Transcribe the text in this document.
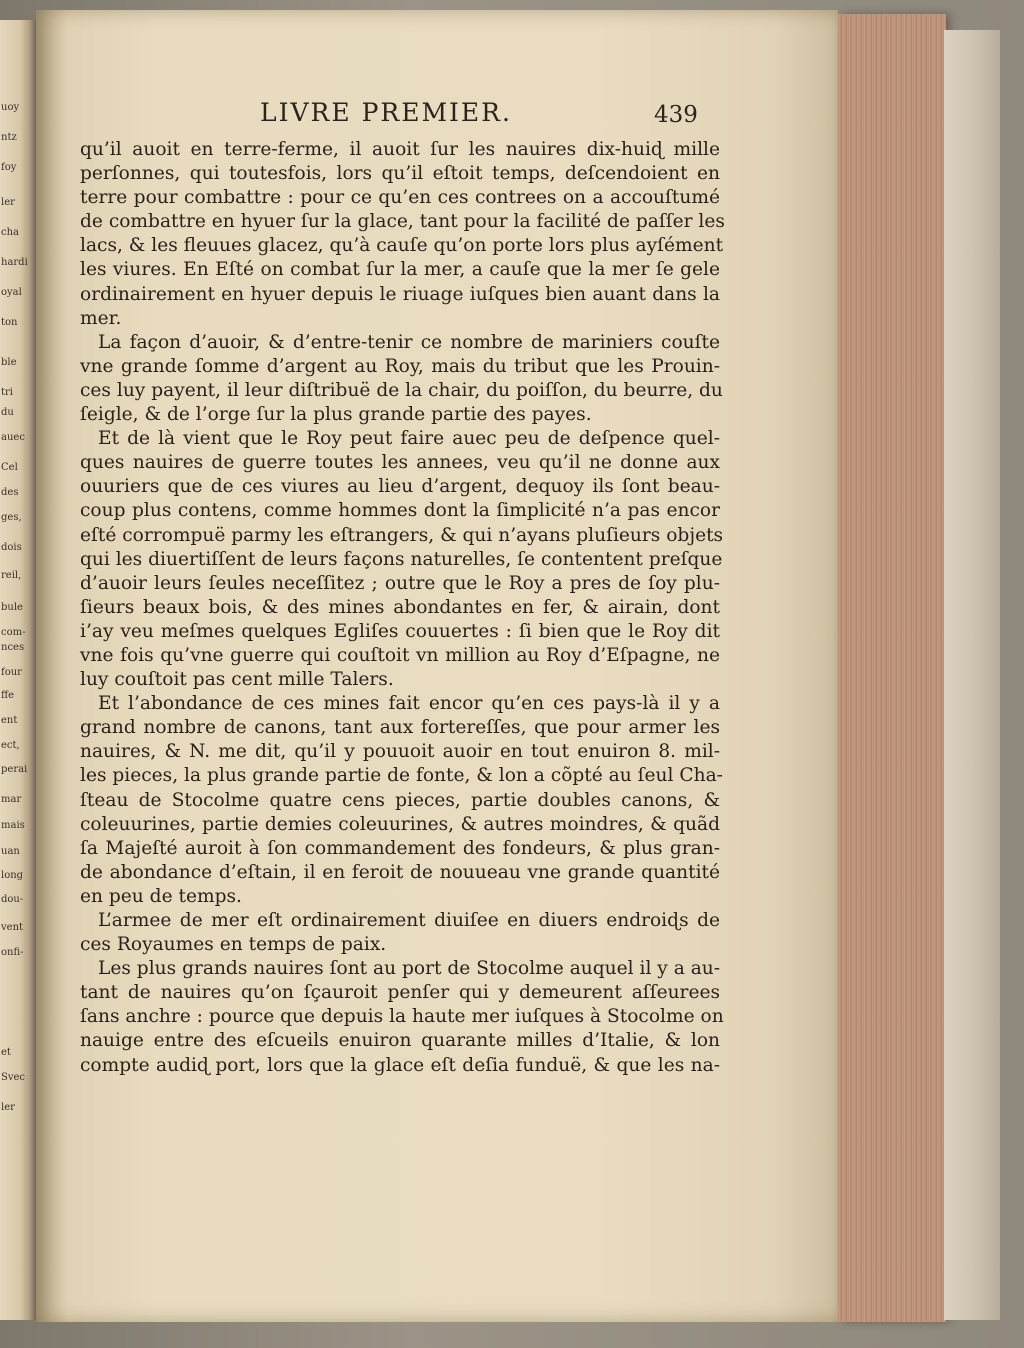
uoy
ntz
foy
ler
cha
hardi
oyal
ton
ble
tri
du
auec
Cel
des
ges,
dois
reil,
bule
com-
nces
four
ffe
ent
ect,
perai
mar
mais
uan
long
dou-
vent
onfi-
et
Svec
ler
LIVRE PREMIER.	439
qu’il auoit en terre-ferme, il auoit ſur les nauires dix-huiɖ mille
perſonnes, qui toutesfois, lors qu’il eſtoit temps, deſcendoient en
terre pour combattre : pour ce qu’en ces contrees on a accouſtumé
de combattre en hyuer ſur la glace, tant pour la facilité de paſſer les
lacs, & les fleuues glacez, qu’à cauſe qu’on porte lors plus ayſément
les viures. En Eſté on combat ſur la mer, a cauſe que la mer ſe gele
ordinairement en hyuer depuis le riuage iuſques bien auant dans la
mer.
La façon d’auoir, & d’entre-tenir ce nombre de mariniers couſte
vne grande ſomme d’argent au Roy, mais du tribut que les Prouin-
ces luy payent, il leur diſtribuë de la chair, du poiſſon, du beurre, du
ſeigle, & de l’orge ſur la plus grande partie des payes.
Et de là vient que le Roy peut faire auec peu de deſpence quel-
ques nauires de guerre toutes les annees, veu qu’il ne donne aux
ouuriers que de ces viures au lieu d’argent, dequoy ils ſont beau-
coup plus contens, comme hommes dont la ſimplicité n’a pas encor
eſté corrompuë parmy les eſtrangers, & qui n’ayans pluſieurs objets
qui les diuertiſſent de leurs façons naturelles, ſe contentent preſque
d’auoir leurs ſeules neceſſitez ; outre que le Roy a pres de ſoy plu-
ſieurs beaux bois, & des mines abondantes en fer, & airain, dont
i’ay veu meſmes quelques Egliſes couuertes : ſi bien que le Roy dit
vne fois qu’vne guerre qui couſtoit vn million au Roy d’Eſpagne, ne
luy couſtoit pas cent mille Talers.
Et l’abondance de ces mines fait encor qu’en ces pays-là il y a
grand nombre de canons, tant aux fortereſſes, que pour armer les
nauires, & N. me dit, qu’il y pouuoit auoir en tout enuiron 8. mil-
les pieces, la plus grande partie de fonte, & lon a cõpté au ſeul Cha-
ſteau de Stocolme quatre cens pieces, partie doubles canons, &
coleuurines, partie demies coleuurines, & autres moindres, & quãd
ſa Majeſté auroit à ſon commandement des fondeurs, & plus gran-
de abondance d’eſtain, il en feroit de nouueau vne grande quantité
en peu de temps.
L’armee de mer eſt ordinairement diuiſee en diuers endroiɖs de
ces Royaumes en temps de paix.
Les plus grands nauires ſont au port de Stocolme auquel il y a au-
tant de nauires qu’on ſçauroit penſer qui y demeurent aſſeurees
ſans anchre : pource que depuis la haute mer iuſques à Stocolme on
nauige entre des eſcueils enuiron quarante milles d’Italie, & lon
compte audiɖ port, lors que la glace eſt deſia funduë, & que les na-
